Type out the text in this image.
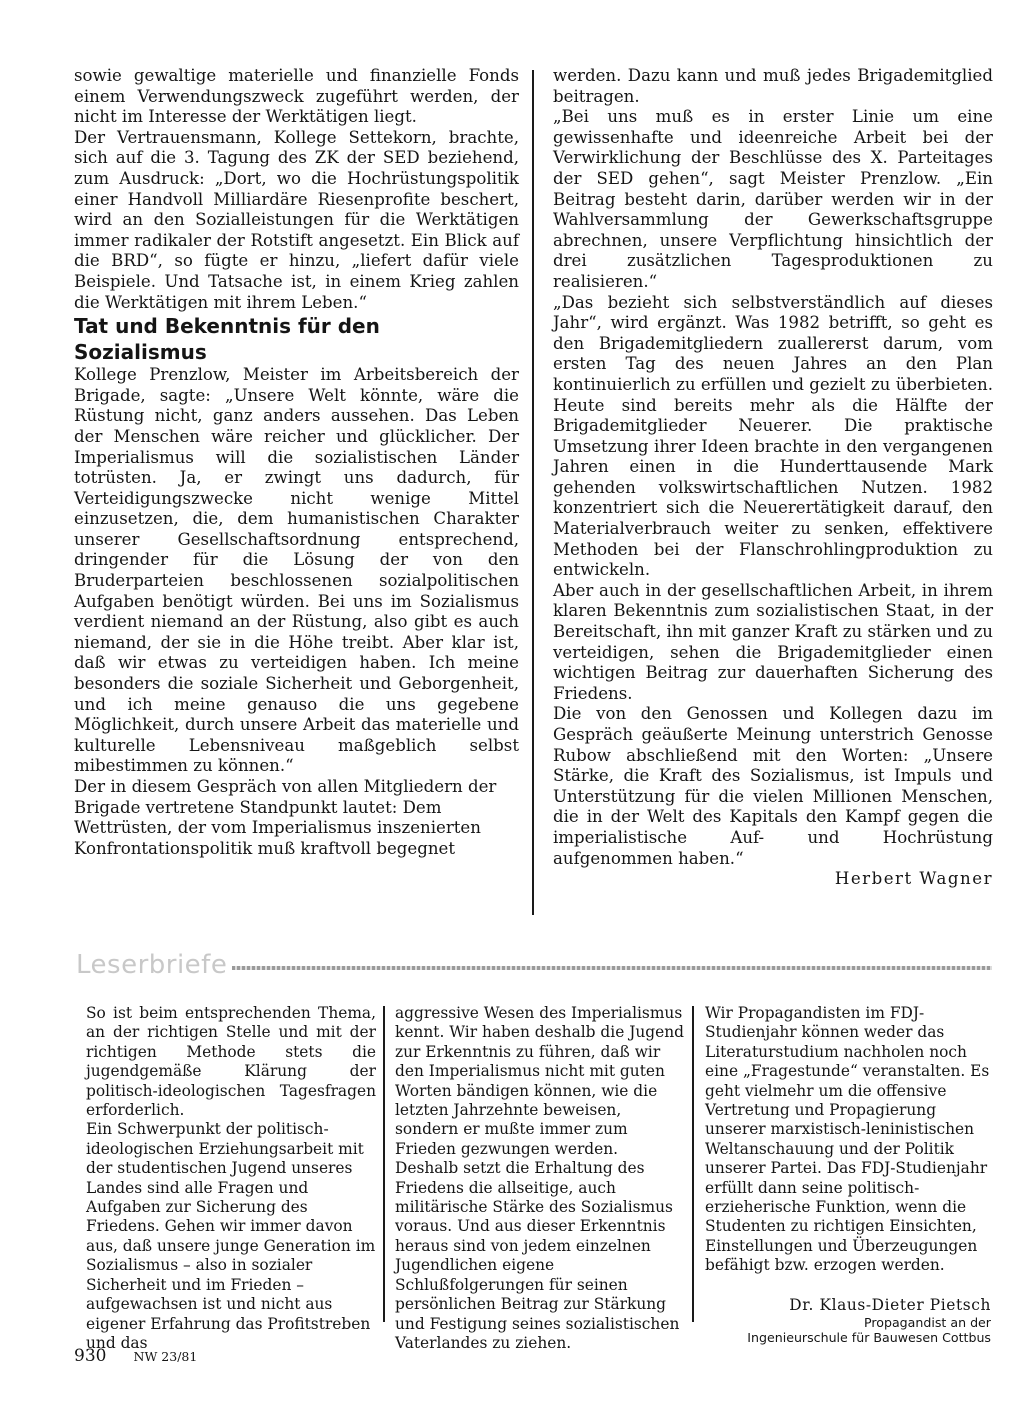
sowie gewaltige materielle und finanzielle Fonds einem Verwendungszweck zugeführt werden, der nicht im Interesse der Werktätigen liegt.

Der Vertrauensmann, Kollege Settekorn, brachte, sich auf die 3. Tagung des ZK der SED beziehend, zum Ausdruck: „Dort, wo die Hochrüstungspolitik einer Handvoll Milliardäre Riesenprofite beschert, wird an den Sozialleistungen für die Werktätigen immer radikaler der Rotstift angesetzt. Ein Blick auf die BRD“, so fügte er hinzu, „liefert dafür viele Beispiele. Und Tatsache ist, in einem Krieg zahlen die Werktätigen mit ihrem Leben.“

Tat und Bekenntnis für den Sozialismus

Kollege Prenzlow, Meister im Arbeitsbereich der Brigade, sagte: „Unsere Welt könnte, wäre die Rüstung nicht, ganz anders aussehen. Das Leben der Menschen wäre reicher und glücklicher. Der Imperialismus will die sozialistischen Länder totrüsten. Ja, er zwingt uns dadurch, für Verteidigungszwecke nicht wenige Mittel einzusetzen, die, dem humanistischen Charakter unserer Gesellschaftsordnung entsprechend, dringender für die Lösung der von den Bruderparteien beschlossenen sozialpolitischen Aufgaben benötigt würden. Bei uns im Sozialismus verdient niemand an der Rüstung, also gibt es auch niemand, der sie in die Höhe treibt. Aber klar ist, daß wir etwas zu verteidigen haben. Ich meine besonders die soziale Sicherheit und Geborgenheit, und ich meine genauso die uns gegebene Möglichkeit, durch unsere Arbeit das materielle und kulturelle Lebensniveau maßgeblich selbst mibestimmen zu können.“

Der in diesem Gespräch von allen Mitgliedern der Brigade vertretene Standpunkt lautet: Dem Wettrüsten, der vom Imperialismus inszenierten Konfrontationspolitik muß kraftvoll begegnet

werden. Dazu kann und muß jedes Brigademitglied beitragen.

„Bei uns muß es in erster Linie um eine gewissenhafte und ideenreiche Arbeit bei der Verwirklichung der Beschlüsse des X. Parteitages der SED gehen“, sagt Meister Prenzlow. „Ein Beitrag besteht darin, darüber werden wir in der Wahlversammlung der Gewerkschaftsgruppe abrechnen, unsere Verpflichtung hinsichtlich der drei zusätzlichen Tagesproduktionen zu realisieren.“

„Das bezieht sich selbstverständlich auf dieses Jahr“, wird ergänzt. Was 1982 betrifft, so geht es den Brigademitgliedern zuallererst darum, vom ersten Tag des neuen Jahres an den Plan kontinuierlich zu erfüllen und gezielt zu überbieten. Heute sind bereits mehr als die Hälfte der Brigademitglieder Neuerer. Die praktische Umsetzung ihrer Ideen brachte in den vergangenen Jahren einen in die Hunderttausende Mark gehenden volkswirtschaftlichen Nutzen. 1982 konzentriert sich die Neuerertätigkeit darauf, den Materialverbrauch weiter zu senken, effektivere Methoden bei der Flanschrohlingproduktion zu entwickeln.

Aber auch in der gesellschaftlichen Arbeit, in ihrem klaren Bekenntnis zum sozialistischen Staat, in der Bereitschaft, ihn mit ganzer Kraft zu stärken und zu verteidigen, sehen die Brigademitglieder einen wichtigen Beitrag zur dauerhaften Sicherung des Friedens.

Die von den Genossen und Kollegen dazu im Gespräch geäußerte Meinung unterstrich Genosse Rubow abschließend mit den Worten: „Unsere Stärke, die Kraft des Sozialismus, ist Impuls und Unterstützung für die vielen Millionen Menschen, die in der Welt des Kapitals den Kampf gegen die imperialistische Auf- und Hochrüstung aufgenommen haben.“

Herbert Wagner

Leserbriefe

So ist beim entsprechenden Thema, an der richtigen Stelle und mit der richtigen Methode stets die jugendgemäße Klärung der politisch-ideologischen Tagesfragen erforderlich.

Ein Schwerpunkt der politisch-ideologischen Erziehungsarbeit mit der studentischen Jugend unseres Landes sind alle Fragen und Aufgaben zur Sicherung des Friedens. Gehen wir immer davon aus, daß unsere junge Generation im Sozialismus – also in sozialer Sicherheit und im Frieden – aufgewachsen ist und nicht aus eigener Erfahrung das Profitstreben und das

aggressive Wesen des Imperialismus kennt. Wir haben deshalb die Jugend zur Erkenntnis zu führen, daß wir den Imperialismus nicht mit guten Worten bändigen können, wie die letzten Jahrzehnte beweisen, sondern er mußte immer zum Frieden gezwungen werden. Deshalb setzt die Erhaltung des Friedens die allseitige, auch militärische Stärke des Sozialismus voraus. Und aus dieser Erkenntnis heraus sind von jedem einzelnen Jugendlichen eigene Schlußfolgerungen für seinen persönlichen Beitrag zur Stärkung und Festigung seines sozialistischen Vaterlandes zu ziehen.

Wir Propagandisten im FDJ-Studienjahr können weder das Literaturstudium nachholen noch eine „Fragestunde“ veranstalten. Es geht vielmehr um die offensive Vertretung und Propagierung unserer marxistisch-leninistischen Weltanschauung und der Politik unserer Partei. Das FDJ-Studienjahr erfüllt dann seine politisch-erzieherische Funktion, wenn die Studenten zu richtigen Einsichten, Einstellungen und Überzeugungen befähigt bzw. erzogen werden.

Dr. Klaus-Dieter Pietsch
Propagandist an der
Ingenieurschule für Bauwesen Cottbus
930 NW 23/81
